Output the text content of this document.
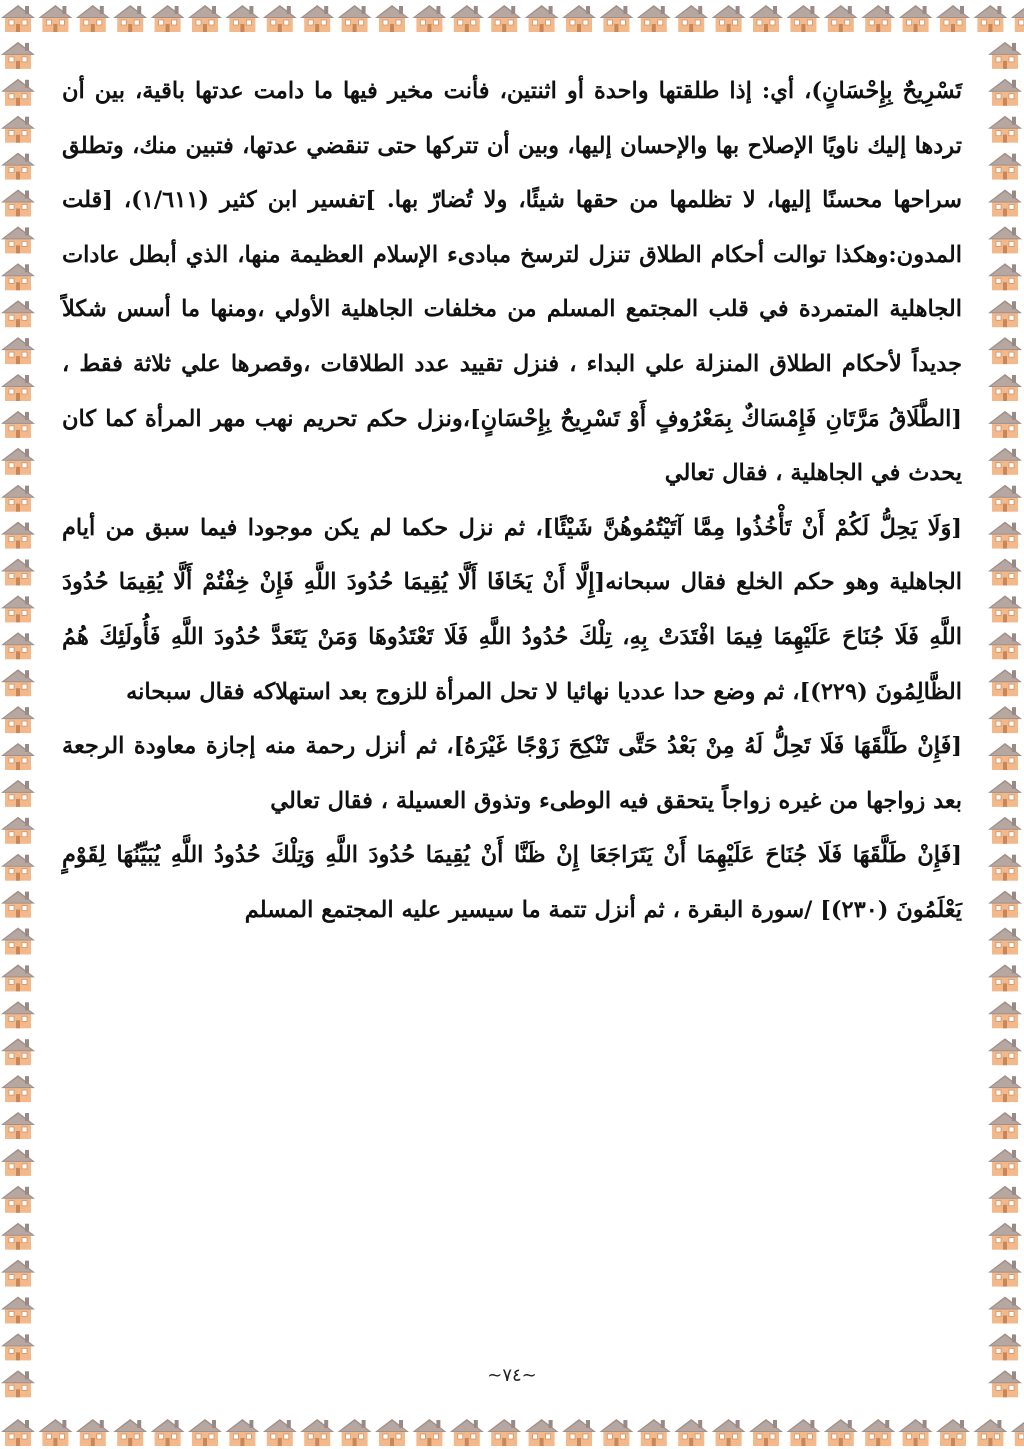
تَسْرِيحٌ بِإِحْسَانٍ)، أي: إذا طلقتها واحدة أو اثنتين، فأنت مخير فيها ما دامت عدتها باقية، بين أن تردها إليك ناويًا الإصلاح بها والإحسان إليها، وبين أن تتركها حتى تنقضي عدتها، فتبين منك، وتطلق سراحها محسنًا إليها، لا تظلمها من حقها شيئًا، ولا تُضارّ بها. ]تفسير ابن كثير (١/٦١١)، [قلت المدون:وهكذا توالت أحكام الطلاق تنزل لترسخ مبادىء الإسلام العظيمة منها، الذي أبطل عادات الجاهلية المتمردة في قلب المجتمع المسلم من مخلفات الجاهلية الأولي ،ومنها ما أسس شكلاً جديداً لأحكام الطلاق المنزلة علي البداء ، فنزل تقييد عدد الطلاقات ،وقصرها علي ثلاثة فقط ، [الطَّلَاقُ مَرَّتَانِ فَإِمْسَاكٌ بِمَعْرُوفٍ أَوْ تَسْرِيحٌ بِإِحْسَانٍ]،ونزل حكم تحريم نهب مهر المرأة كما كان يحدث في الجاهلية ، فقال تعالي

[وَلَا يَحِلُّ لَكُمْ أَنْ تَأْخُذُوا مِمَّا آتَيْتُمُوهُنَّ شَيْئًا]، ثم نزل حكما لم يكن موجودا فيما سبق من أيام الجاهلية وهو حكم الخلع فقال سبحانه[إِلَّا أَنْ يَخَافَا أَلَّا يُقِيمَا حُدُودَ اللَّهِ فَإِنْ خِفْتُمْ أَلَّا يُقِيمَا حُدُودَ اللَّهِ فَلَا جُنَاحَ عَلَيْهِمَا فِيمَا افْتَدَتْ بِهِ، تِلْكَ حُدُودُ اللَّهِ فَلَا تَعْتَدُوهَا وَمَنْ يَتَعَدَّ حُدُودَ اللَّهِ فَأُولَئِكَ هُمُ الظَّالِمُونَ (٢٢٩)]، ثم وضع حدا عدديا نهائيا لا تحل المرأة للزوج بعد استهلاكه فقال سبحانه

[فَإِنْ طَلَّقَهَا فَلَا تَحِلُّ لَهُ مِنْ بَعْدُ حَتَّى تَنْكِحَ زَوْجًا غَيْرَهُ]، ثم أنزل رحمة منه إجازة معاودة الرجعة بعد زواجها من غيره زواجاً يتحقق فيه الوطىء وتذوق العسيلة ، فقال تعالي

[فَإِنْ طَلَّقَهَا فَلَا جُنَاحَ عَلَيْهِمَا أَنْ يَتَرَاجَعَا إِنْ ظَنَّا أَنْ يُقِيمَا حُدُودَ اللَّهِ وَتِلْكَ حُدُودُ اللَّهِ يُبَيِّنُهَا لِقَوْمٍ يَعْلَمُونَ (٢٣٠)] /سورة البقرة ، ثم أنزل تتمة ما سيسير عليه المجتمع المسلم

~٧٤~
